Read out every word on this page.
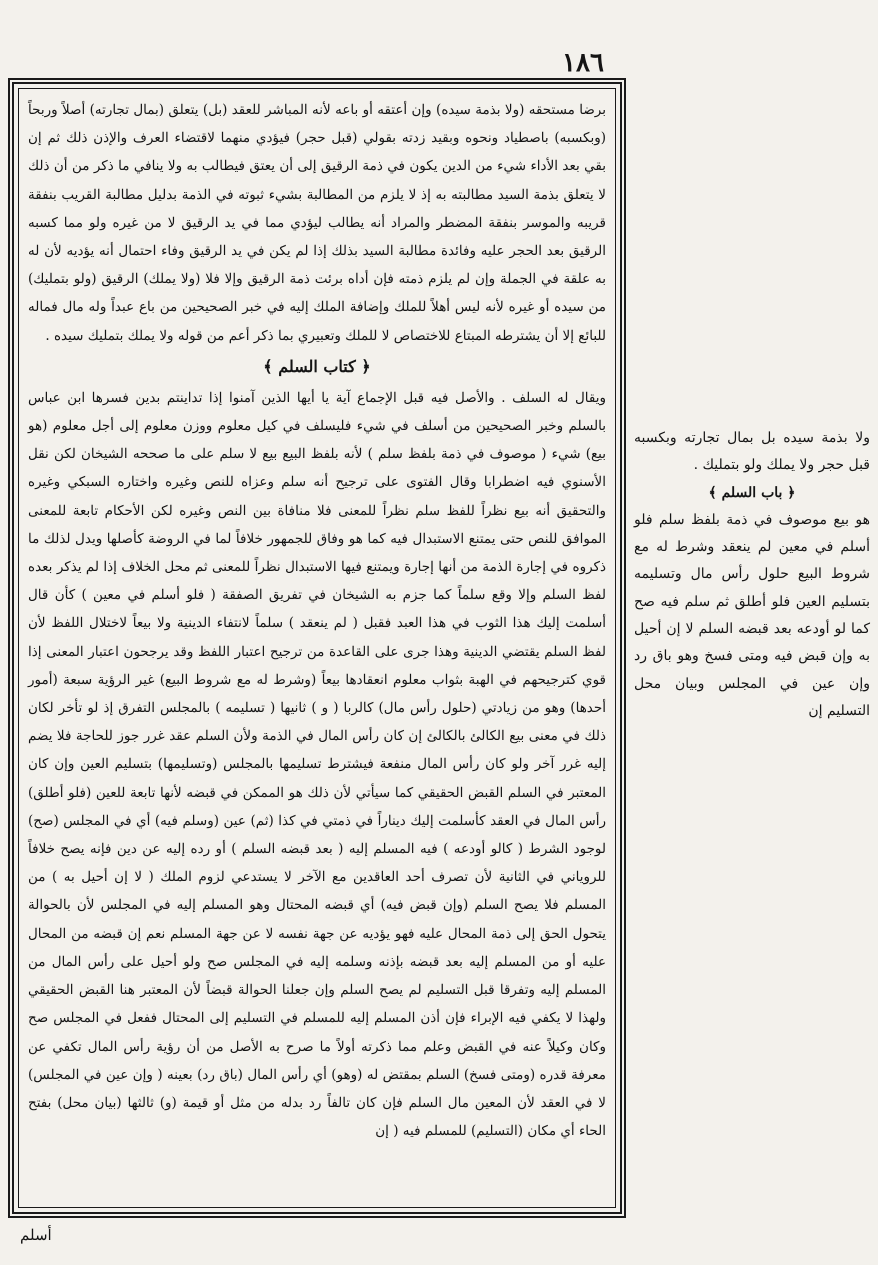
١٨٦

برضا مستحقه (ولا بذمة سيده) وإن أعتقه أو باعه لأنه المباشر للعقد (بل) يتعلق (بمال تجارته) أصلاً وربحاً (وبكسبه) باصطياد ونحوه وبقيد زدته بقولي (قبل حجر) فيؤدي منهما لاقتضاء العرف والإذن ذلك ثم إن بقي بعد الأداء شيء من الدين يكون في ذمة الرقيق إلى أن يعتق فيطالب به ولا ينافي ما ذكر من أن ذلك لا يتعلق بذمة السيد مطالبته به إذ لا يلزم من المطالبة بشيء ثبوته في الذمة بدليل مطالبة القريب بنفقة قريبه والموسر بنفقة المضطر والمراد أنه يطالب ليؤدي مما في يد الرقيق لا من غيره ولو مما كسبه الرقيق بعد الحجر عليه وفائدة مطالبة السيد بذلك إذا لم يكن في يد الرقيق وفاء احتمال أنه يؤديه لأن له به علقة في الجملة وإن لم يلزم ذمته فإن أداه برئت ذمة الرقيق وإلا فلا (ولا يملك) الرقيق (ولو بتمليك) من سيده أو غيره لأنه ليس أهلاً للملك وإضافة الملك إليه في خبر الصحيحين من باع عبداً وله مال فماله للبائع إلا أن يشترطه المبتاع للاختصاص لا للملك وتعبيري بما ذكر أعم من قوله ولا يملك بتمليك سيده .

﴿ كتاب السلم ﴾

ويقال له السلف . والأصل فيه قبل الإجماع آية يا أيها الذين آمنوا إذا تداينتم بدين فسرها ابن عباس بالسلم وخبر الصحيحين من أسلف في شيء فليسلف في كيل معلوم ووزن معلوم إلى أجل معلوم (هو بيع) شيء ( موصوف في ذمة بلفظ سلم ) لأنه بلفظ البيع بيع لا سلم على ما صححه الشيخان لكن نقل الأسنوي فيه اضطرابا وقال الفتوى على ترجيح أنه سلم وعزاه للنص وغيره واختاره السبكي وغيره والتحقيق أنه بيع نظراً للفظ سلم نظراً للمعنى فلا منافاة بين النص وغيره لكن الأحكام تابعة للمعنى الموافق للنص حتى يمتنع الاستبدال فيه كما هو وفاق للجمهور خلافاً لما في الروضة كأصلها ويدل لذلك ما ذكروه في إجارة الذمة من أنها إجارة ويمتنع فيها الاستبدال نظراً للمعنى ثم محل الخلاف إذا لم يذكر بعده لفظ السلم وإلا وقع سلماً كما جزم به الشيخان في تفريق الصفقة ( فلو أسلم في معين ) كأن قال أسلمت إليك هذا الثوب في هذا العبد فقبل ( لم ينعقد ) سلماً لانتفاء الدينية ولا بيعاً لاختلال اللفظ لأن لفظ السلم يقتضي الدينية وهذا جرى على القاعدة من ترجيح اعتبار اللفظ وقد يرجحون اعتبار المعنى إذا قوي كترجيحهم في الهبة بثواب معلوم انعقادها بيعاً (وشرط له مع شروط البيع) غير الرؤية سبعة (أمور أحدها) وهو من زيادتي (حلول رأس مال) كالربا ( و ) ثانيها ( تسليمه ) بالمجلس التفرق إذ لو تأخر لكان ذلك في معنى بيع الكالئ بالكالئ إن كان رأس المال في الذمة ولأن السلم عقد غرر جوز للحاجة فلا يضم إليه غرر آخر ولو كان رأس المال منفعة فيشترط تسليمها بالمجلس (وتسليمها) بتسليم العين وإن كان المعتبر في السلم القبض الحقيقي كما سيأتي لأن ذلك هو الممكن في قبضه لأنها تابعة للعين (فلو أطلق) رأس المال في العقد كأسلمت إليك ديناراً في ذمتي في كذا (ثم) عين (وسلم فيه) أي في المجلس (صح) لوجود الشرط ( كالو أودعه ) فيه المسلم إليه ( بعد قبضه السلم ) أو رده إليه عن دين فإنه يصح خلافاً للروياني في الثانية لأن تصرف أحد العاقدين مع الآخر لا يستدعي لزوم الملك ( لا إن أحيل به ) من المسلم فلا يصح السلم (وإن قبض فيه) أي قبضه المحتال وهو المسلم إليه في المجلس لأن بالحوالة يتحول الحق إلى ذمة المحال عليه فهو يؤديه عن جهة نفسه لا عن جهة المسلم نعم إن قبضه من المحال عليه أو من المسلم إليه بعد قبضه بإذنه وسلمه إليه في المجلس صح ولو أحيل على رأس المال من المسلم إليه وتفرقا قبل التسليم لم يصح السلم وإن جعلنا الحوالة قبضاً لأن المعتبر هنا القبض الحقيقي ولهذا لا يكفي فيه الإبراء فإن أذن المسلم إليه للمسلم في التسليم إلى المحتال ففعل في المجلس صح وكان وكيلاً عنه في القبض وعلم مما ذكرته أولاً ما صرح به الأصل من أن رؤية رأس المال تكفي عن معرفة قدره (ومتى فسخ) السلم بمقتض له (وهو) أي رأس المال (باق رد) بعينه ( وإن عين في المجلس) لا في العقد لأن المعين مال السلم فإن كان تالفاً رد بدله من مثل أو قيمة (و) ثالثها (بيان محل) بفتح الحاء أي مكان (التسليم) للمسلم فيه ( إن

ولا بذمة سيده بل بمال تجارته وبكسبه قبل حجر ولا يملك ولو بتمليك .

﴿ باب السلم ﴾

هو بيع موصوف في ذمة بلفظ سلم فلو أسلم في معين لم ينعقد وشرط له مع شروط البيع حلول رأس مال وتسليمه بتسليم العين فلو أطلق ثم سلم فيه صح كما لو أودعه بعد قبضه السلم لا إن أحيل به وإن قبض فيه ومتى فسخ وهو باق رد وإن عين في المجلس وبيان محل التسليم إن

أسلم
